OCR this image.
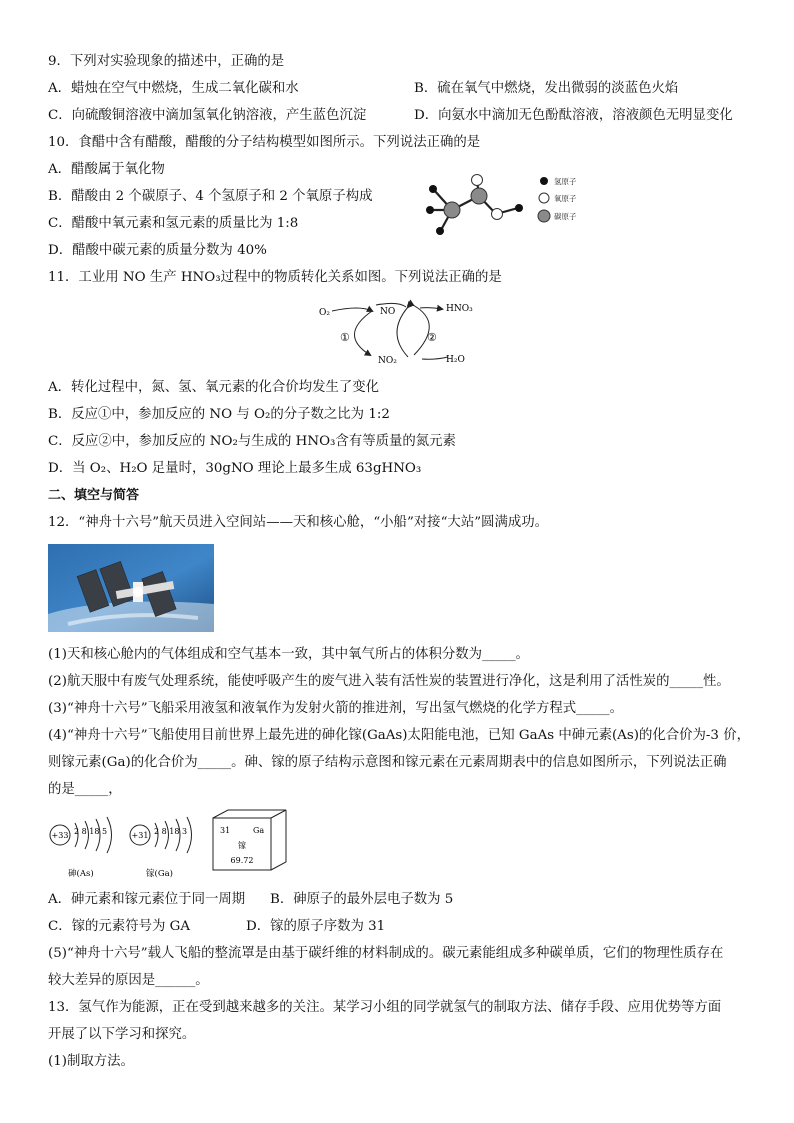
9．下列对实验现象的描述中，正确的是
A．蜡烛在空气中燃烧，生成二氧化碳和水	B．硫在氧气中燃烧，发出微弱的淡蓝色火焰
C．向硫酸铜溶液中滴加氢氧化钠溶液，产生蓝色沉淀	D．向氨水中滴加无色酚酞溶液，溶液颜色无明显变化
10．食醋中含有醋酸，醋酸的分子结构模型如图所示。下列说法正确的是
A．醋酸属于氧化物
B．醋酸由 2 个碳原子、4 个氢原子和 2 个氧原子构成
C．醋酸中氧元素和氢元素的质量比为 1:8
D．醋酸中碳元素的质量分数为 40%
氢原子
氧原子
碳原子
11．工业用 NO 生产 HNO₃过程中的物质转化关系如图。下列说法正确的是
O₂	NO	HNO₃
NO₂	H₂O
①	②
A．转化过程中，氮、氢、氧元素的化合价均发生了变化
B．反应①中，参加反应的 NO 与 O₂的分子数之比为 1:2
C．反应②中，参加反应的 NO₂与生成的 HNO₃含有等质量的氮元素
D．当 O₂、H₂O 足量时，30gNO 理论上最多生成 63gHNO₃
二、填空与简答
12．“神舟十六号”航天员进入空间站——天和核心舱，“小船”对接“大站”圆满成功。
(1)天和核心舱内的气体组成和空气基本一致，其中氧气所占的体积分数为_____。
(2)航天服中有废气处理系统，能使呼吸产生的废气进入装有活性炭的装置进行净化，这是利用了活性炭的_____性。
(3)“神舟十六号”飞船采用液氢和液氧作为发射火箭的推进剂，写出氢气燃烧的化学方程式_____。
(4)“神舟十六号”飞船使用目前世界上最先进的砷化镓(GaAs)太阳能电池，已知 GaAs 中砷元素(As)的化合价为-3 价，
则镓元素(Ga)的化合价为_____。砷、镓的原子结构示意图和镓元素在元素周期表中的信息如图所示，下列说法正确
的是_____，
+33 2 8 18 5
砷(As)
+31 2 8 18 3
镓(Ga)
31	Ga
镓
69.72
A．砷元素和镓元素位于同一周期 B．砷原子的最外层电子数为 5
C．镓的元素符号为 GA	D．镓的原子序数为 31
(5)“神舟十六号”载人飞船的整流罩是由基于碳纤维的材料制成的。碳元素能组成多种碳单质，它们的物理性质存在
较大差异的原因是______。
13．氢气作为能源，正在受到越来越多的关注。某学习小组的同学就氢气的制取方法、储存手段、应用优势等方面
开展了以下学习和探究。
(1)制取方法。
